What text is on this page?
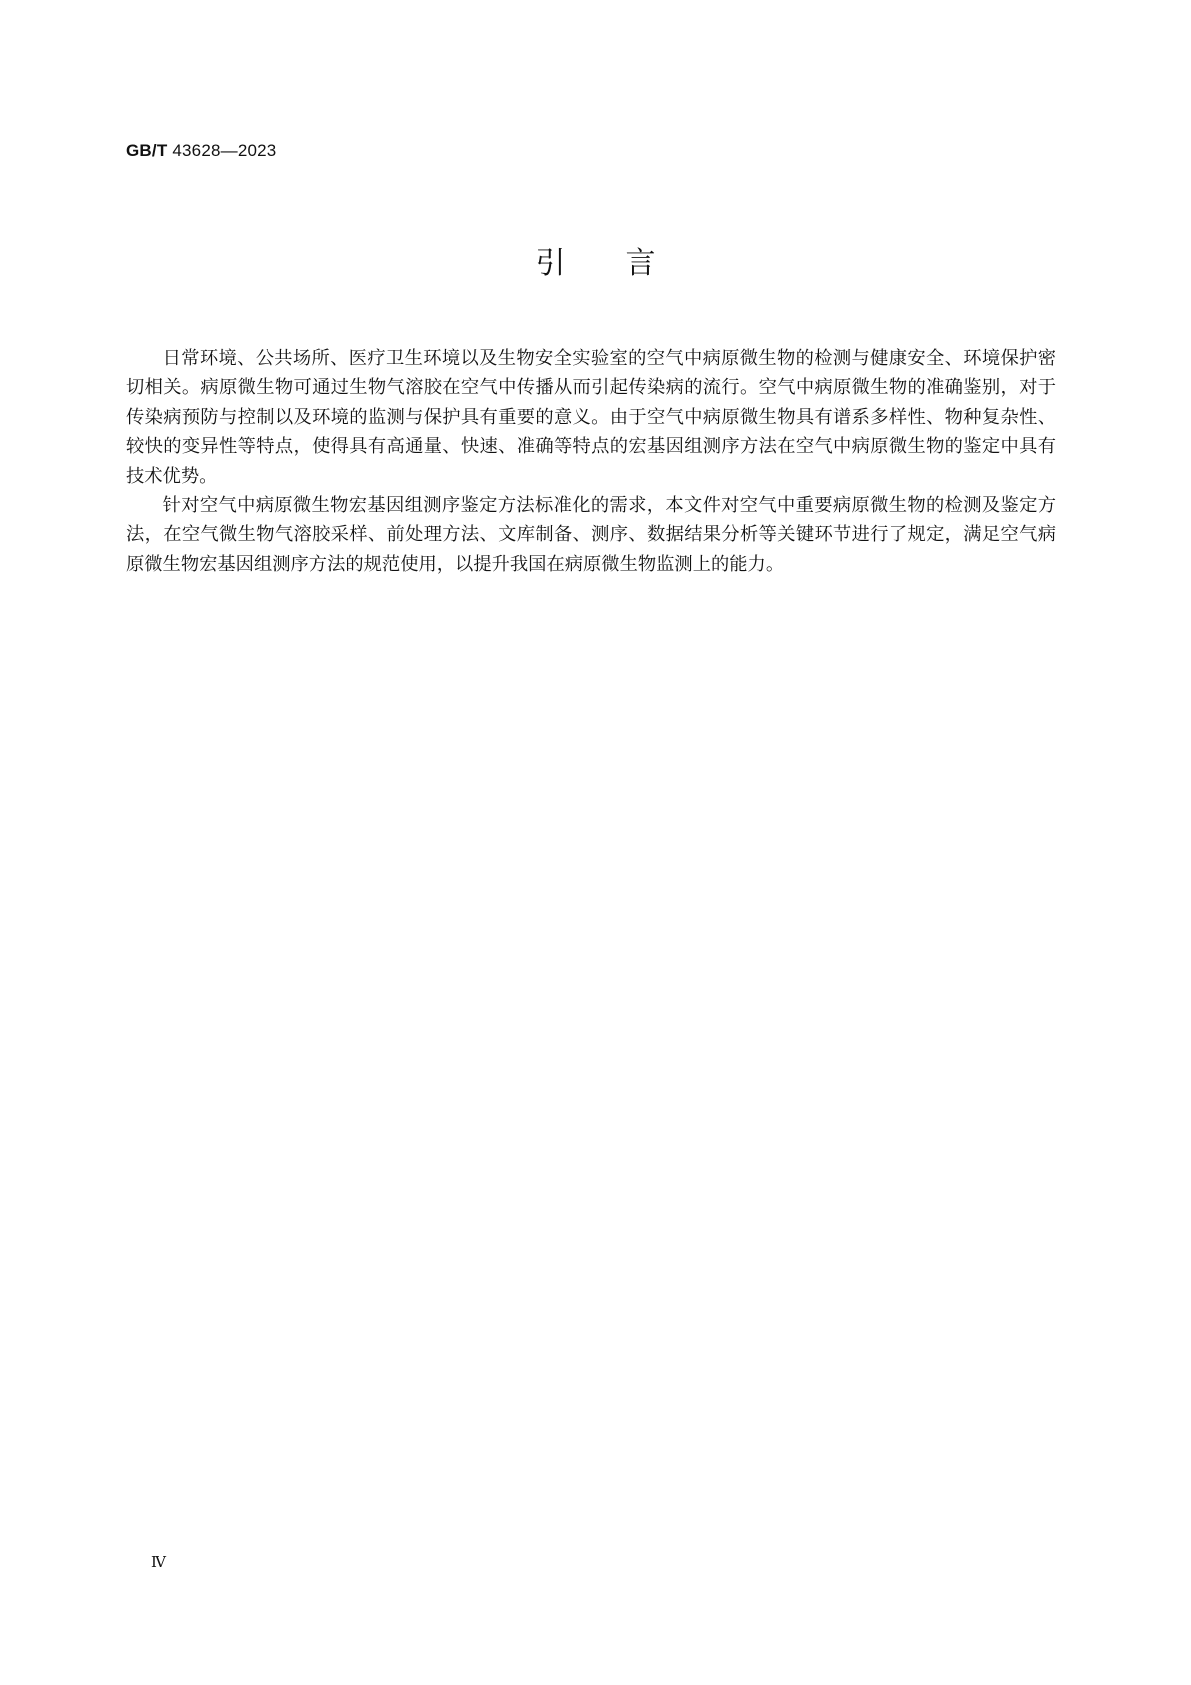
GB/T 43628—2023
引 言

日常环境、公共场所、医疗卫生环境以及生物安全实验室的空气中病原微生物的检测与健康安全、环境保护密切相关。病原微生物可通过生物气溶胶在空气中传播从而引起传染病的流行。空气中病原微生物的准确鉴别，对于传染病预防与控制以及环境的监测与保护具有重要的意义。由于空气中病原微生物具有谱系多样性、物种复杂性、较快的变异性等特点，使得具有高通量、快速、准确等特点的宏基因组测序方法在空气中病原微生物的鉴定中具有技术优势。

针对空气中病原微生物宏基因组测序鉴定方法标准化的需求，本文件对空气中重要病原微生物的检测及鉴定方法，在空气微生物气溶胶采样、前处理方法、文库制备、测序、数据结果分析等关键环节进行了规定，满足空气病原微生物宏基因组测序方法的规范使用，以提升我国在病原微生物监测上的能力。

Ⅳ
